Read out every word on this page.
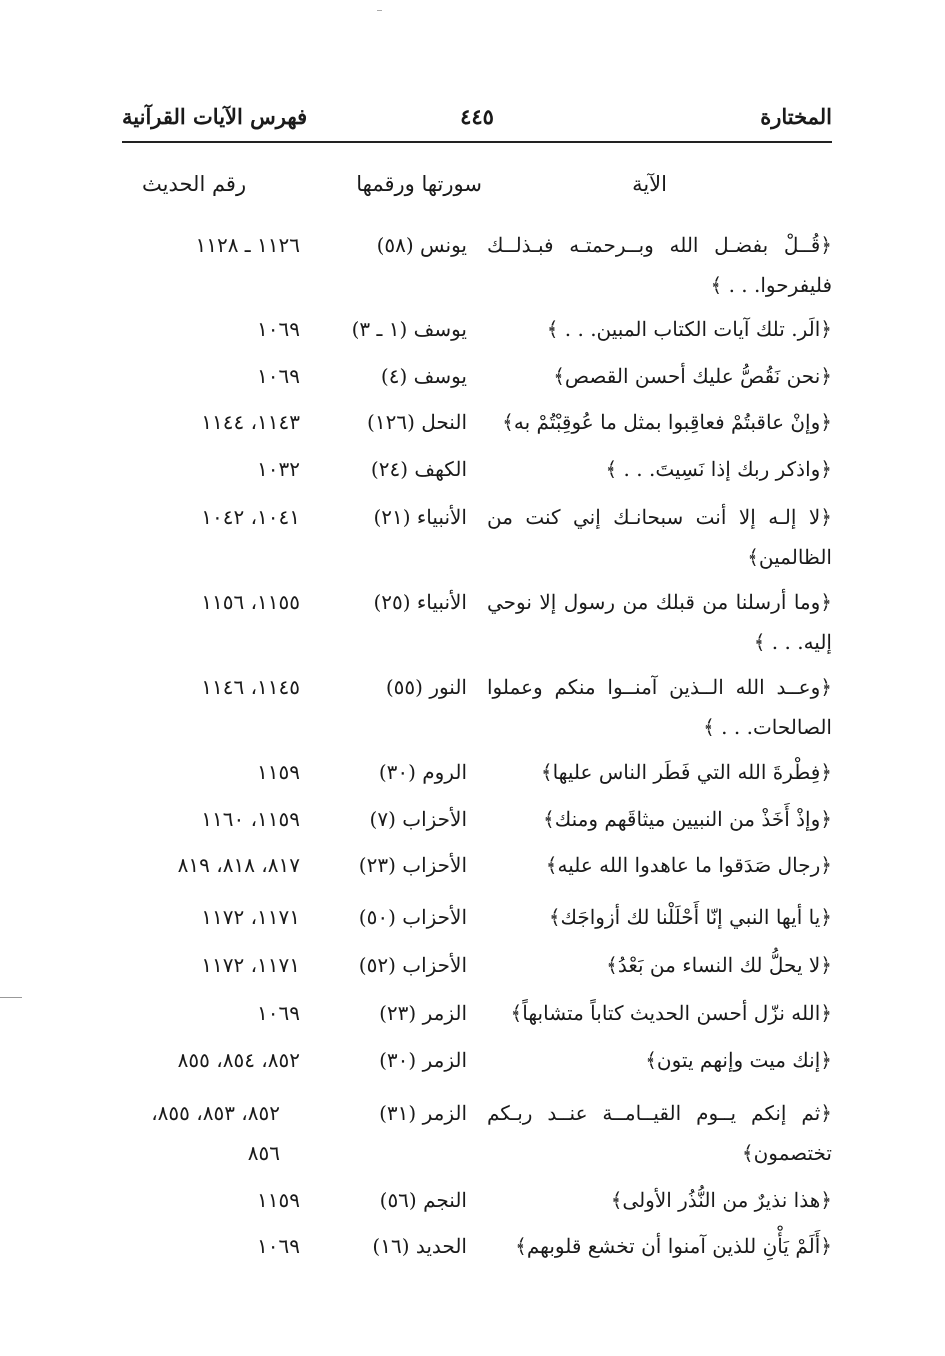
المختارة
٤٤٥
فهرس الآيات القرآنية
الآية
سورتها ورقمها
رقم الحديث
﴿قُــلْ بفضـل الله وبــرحمتـه فبـذلــك فليفرحوا. . . ﴾
يونس (٥٨)
١١٢٦ ـ ١١٢٨
﴿الَر. تلك آيات الكتاب المبين. . . ﴾
يوسف (١ ـ ٣)
١٠٦٩
﴿نحن نَقُصُّ عليك أحسن القصص﴾
يوسف (٤)
١٠٦٩
﴿وإنْ عاقبتُمْ فعاقِبوا بمثل ما عُوقِبْتُمْ به﴾
النحل (١٢٦)
١١٤٣، ١١٤٤
﴿واذكر ربك إذا نَسِيتَ. . . ﴾
الكهف (٢٤)
١٠٣٢
﴿لا إلـه إلا أنت سبحانـك إني كنت من الظالمين﴾
الأنبياء (٢١)
١٠٤١، ١٠٤٢
﴿وما أرسلنا من قبلك من رسول إلا نوحي إليه. . . ﴾
الأنبياء (٢٥)
١١٥٥، ١١٥٦
﴿وعــد الله الــذين آمنــوا منكم وعملوا الصالحات. . . ﴾
النور (٥٥)
١١٤٥، ١١٤٦
﴿فِطْرةَ الله التي فَطَر الناس عليها﴾
الروم (٣٠)
١١٥٩
﴿وإذْ أَخَذْ من النبيين ميثاقَهم ومنك﴾
الأحزاب (٧)
١١٥٩، ١١٦٠
﴿رجال صَدَقوا ما عاهدوا الله عليه﴾
الأحزاب (٢٣)
٨١٧، ٨١٨، ٨١٩
﴿يا أيها النبي إنّا أَحْلَلْنا لك أزواجَك﴾
الأحزاب (٥٠)
١١٧١، ١١٧٢
﴿لا يحلُّ لك النساء من بَعْدُ﴾
الأحزاب (٥٢)
١١٧١، ١١٧٢
﴿الله نزّل أحسن الحديث كتاباً متشابهاً﴾
الزمر (٢٣)
١٠٦٩
﴿إنك ميت وإنهم يتون﴾
الزمر (٣٠)
٨٥٢، ٨٥٤، ٨٥٥
﴿ثم إنكم يــوم القيــامــة عنــد ربـكم تختصمون﴾
الزمر (٣١)
٨٥٢، ٨٥٣، ٨٥٥، ٨٥٦
﴿هذا نذيرٌ من النُّذُر الأولى﴾
النجم (٥٦)
١١٥٩
﴿أَلَمْ يَأْنِ للذين آمنوا أن تخشع قلوبهم﴾
الحديد (١٦)
١٠٦٩
